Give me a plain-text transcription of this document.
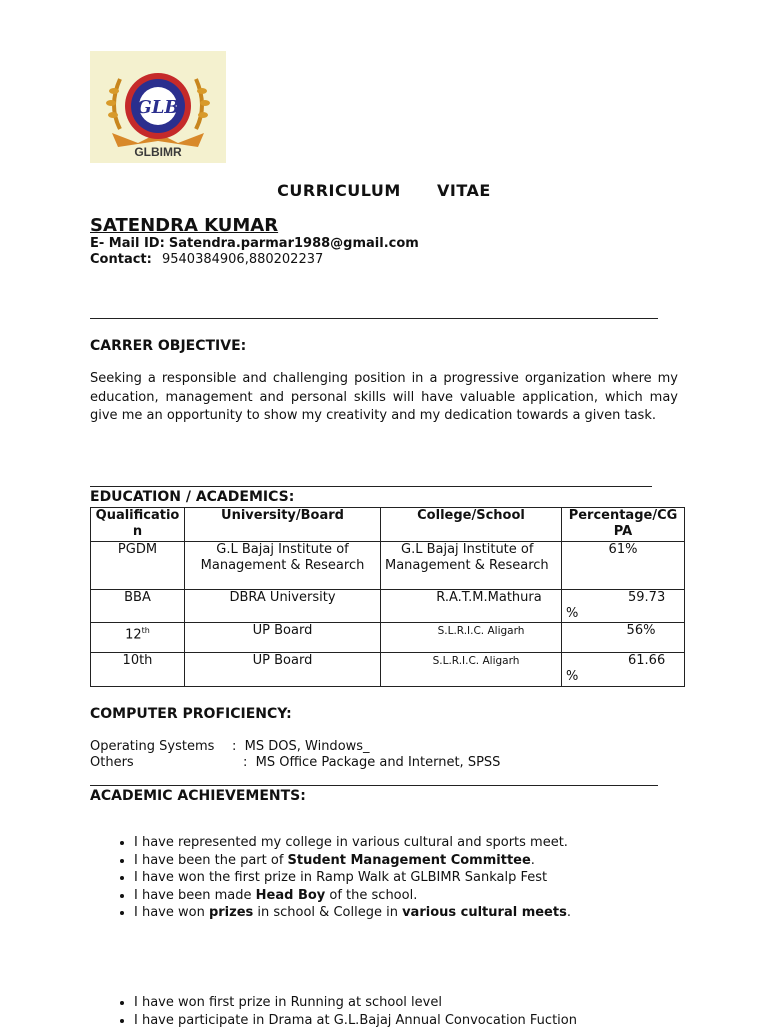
GLB
GLBIMR
CURRICULUM   VITAE
SATENDRA KUMAR
E- Mail ID: Satendra.parmar1988@gmail.com
Contact: 9540384906,880202237
CARRER OBJECTIVE:
Seeking a responsible and challenging position in a progressive organization where my education, management and personal skills will have valuable application, which may give me an opportunity to show my creativity and my dedication towards a given task.
EDUCATION / ACADEMICS:
Qualification	University/Board	College/School	Percentage/CGPA
PGDM	G.L Bajaj Institute of Management & Research	G.L Bajaj Institute of Management & Research	61%
BBA	DBRA University	R.A.T.M.Mathura	59.73 %
12th	UP Board	S.L.R.I.C. Aligarh	56%
10th	UP Board	S.L.R.I.C. Aligarh	61.66 %
COMPUTER PROFICIENCY:
Operating Systems :  MS DOS, Windows_
Others	:  MS Office Package and Internet, SPSS
ACADEMIC ACHIEVEMENTS:
• I have represented my college in various cultural and sports meet.
• I have been the part of Student Management Committee.
• I have won the first prize in Ramp Walk at GLBIMR Sankalp Fest
• I have been made Head Boy of the school.
• I have won prizes in school & College in various cultural meets.
• I have won first prize in Running at school level
• I have participate in Drama at G.L.Bajaj Annual Convocation Fuction
